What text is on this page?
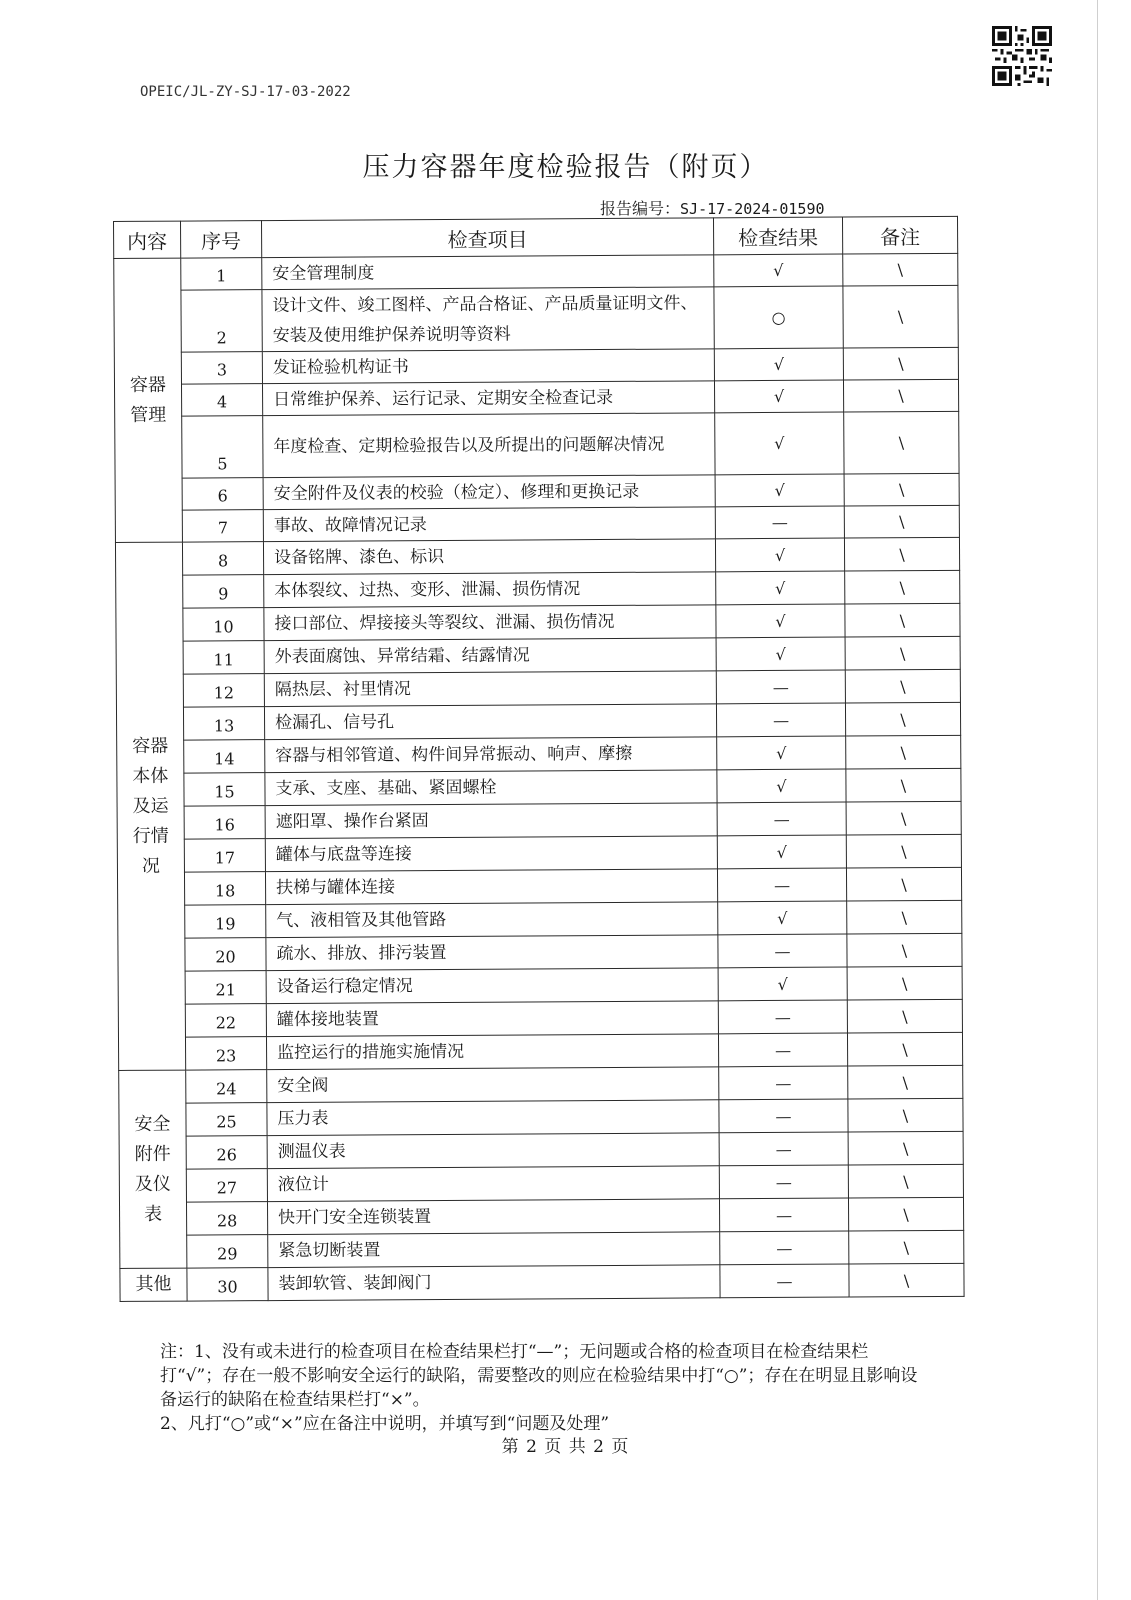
OPEIC/JL-ZY-SJ-17-03-2022
压力容器年度检验报告（附页）
报告编号：SJ-17-2024-01590
内容	序号	检查项目	检查结果	备注

容器
管理	1	安全管理制度	√	\
	2	设计文件、竣工图样、产品合格证、产品质量证明文件、安装及使用维护保养说明等资料	○	\
	3	发证检验机构证书	√	\
	4	日常维护保养、运行记录、定期安全检查记录	√	\
	5	年度检查、定期检验报告以及所提出的问题解决情况	√	\
	6	安全附件及仪表的校验（检定）、修理和更换记录	√	\
	7	事故、故障情况记录	—	\

容器
本体
及运
行情
况	8	设备铭牌、漆色、标识	√	\
	9	本体裂纹、过热、变形、泄漏、损伤情况	√	\
	10	接口部位、焊接接头等裂纹、泄漏、损伤情况	√	\
	11	外表面腐蚀、异常结霜、结露情况	√	\
	12	隔热层、衬里情况	—	\
	13	检漏孔、信号孔	—	\
	14	容器与相邻管道、构件间异常振动、响声、摩擦	√	\
	15	支承、支座、基础、紧固螺栓	√	\
	16	遮阳罩、操作台紧固	—	\
	17	罐体与底盘等连接	√	\
	18	扶梯与罐体连接	—	\
	19	气、液相管及其他管路	√	\
	20	疏水、排放、排污装置	—	\
	21	设备运行稳定情况	√	\
	22	罐体接地装置	—	\
	23	监控运行的措施实施情况	—	\

安全
附件
及仪
表	24	安全阀	—	\
	25	压力表	—	\
	26	测温仪表	—	\
	27	液位计	—	\
	28	快开门安全连锁装置	—	\
	29	紧急切断装置	—	\

其他	30	装卸软管、装卸阀门	—	\

注：1、没有或未进行的检查项目在检查结果栏打“—”；无问题或合格的检查项目在检查结果栏打“√”；存在一般不影响安全运行的缺陷，需要整改的则应在检验结果中打“○”；存在在明显且影响设备运行的缺陷在检查结果栏打“×”。

2、凡打“○”或“×”应在备注中说明，并填写到“问题及处理”

第 2 页 共 2 页
